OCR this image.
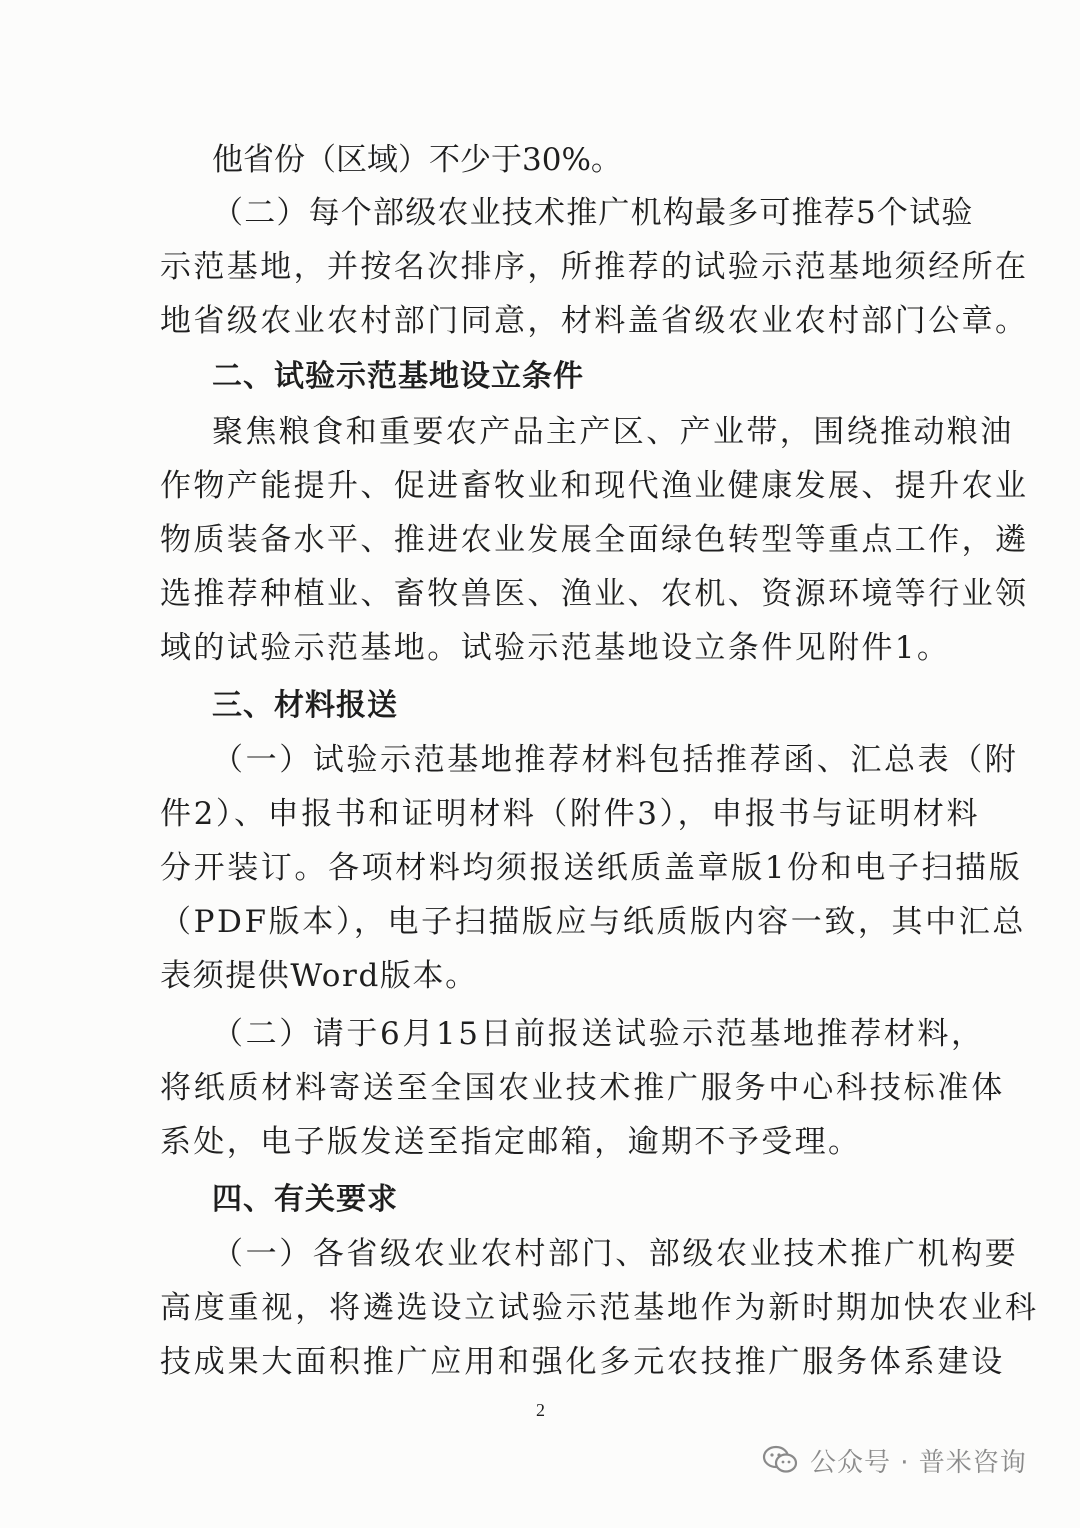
他省份（区域）不少于30%。
（二）每个部级农业技术推广机构最多可推荐5个试验
示范基地，并按名次排序，所推荐的试验示范基地须经所在
地省级农业农村部门同意，材料盖省级农业农村部门公章。
二、试验示范基地设立条件
聚焦粮食和重要农产品主产区、产业带，围绕推动粮油
作物产能提升、促进畜牧业和现代渔业健康发展、提升农业
物质装备水平、推进农业发展全面绿色转型等重点工作，遴
选推荐种植业、畜牧兽医、渔业、农机、资源环境等行业领
域的试验示范基地。试验示范基地设立条件见附件1。
三、材料报送
（一）试验示范基地推荐材料包括推荐函、汇总表（附
件2）、申报书和证明材料（附件3），申报书与证明材料
分开装订。各项材料均须报送纸质盖章版1份和电子扫描版
（PDF版本），电子扫描版应与纸质版内容一致，其中汇总
表须提供Word版本。
（二）请于6月15日前报送试验示范基地推荐材料，
将纸质材料寄送至全国农业技术推广服务中心科技标准体
系处，电子版发送至指定邮箱，逾期不予受理。
四、有关要求
（一）各省级农业农村部门、部级农业技术推广机构要
高度重视，将遴选设立试验示范基地作为新时期加快农业科
技成果大面积推广应用和强化多元农技推广服务体系建设
2
公众号 · 普米咨询
